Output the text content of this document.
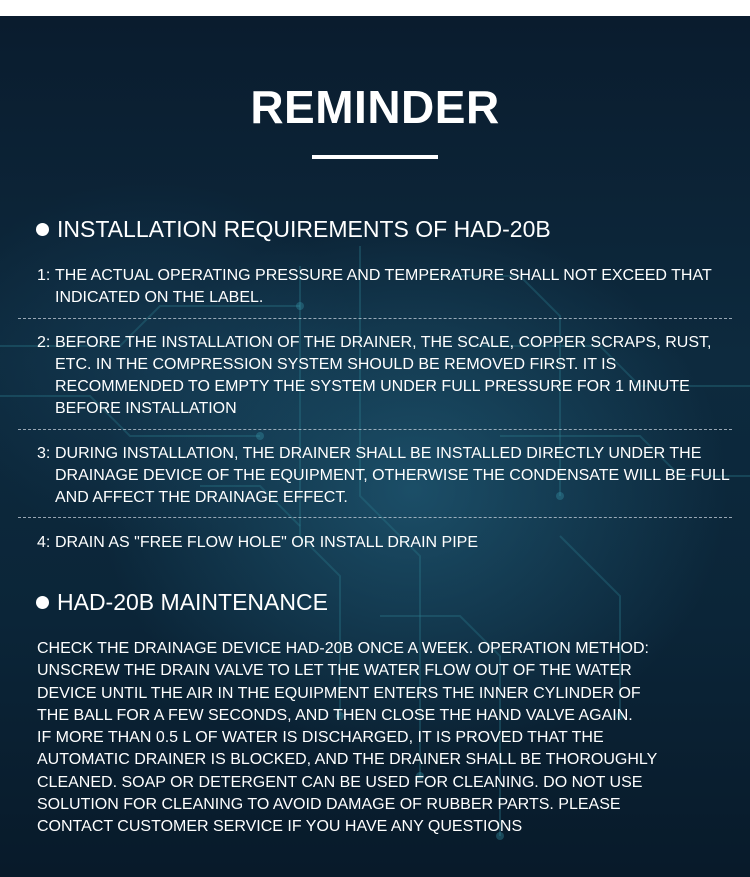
REMINDER
INSTALLATION REQUIREMENTS OF HAD-20B
1: THE ACTUAL OPERATING PRESSURE AND TEMPERATURE SHALL NOT EXCEED THAT INDICATED ON THE LABEL.
2: BEFORE THE INSTALLATION OF THE DRAINER, THE SCALE, COPPER SCRAPS, RUST, ETC. IN THE COMPRESSION SYSTEM SHOULD BE REMOVED FIRST. IT IS RECOMMENDED TO EMPTY THE SYSTEM UNDER FULL PRESSURE FOR 1 MINUTE BEFORE INSTALLATION
3: DURING INSTALLATION, THE DRAINER SHALL BE INSTALLED DIRECTLY UNDER THE DRAINAGE DEVICE OF THE EQUIPMENT, OTHERWISE THE CONDENSATE WILL BE FULL AND AFFECT THE DRAINAGE EFFECT.
4: DRAIN AS "FREE FLOW HOLE" OR INSTALL DRAIN PIPE
HAD-20B MAINTENANCE
CHECK THE DRAINAGE DEVICE HAD-20B ONCE A WEEK. OPERATION METHOD:
UNSCREW THE DRAIN VALVE TO LET THE WATER FLOW OUT OF THE WATER
DEVICE UNTIL THE AIR IN THE EQUIPMENT ENTERS THE INNER CYLINDER OF
THE BALL FOR A FEW SECONDS, AND THEN CLOSE THE HAND VALVE AGAIN.
IF MORE THAN 0.5 L OF WATER IS DISCHARGED, IT IS PROVED THAT THE
AUTOMATIC DRAINER IS BLOCKED, AND THE DRAINER SHALL BE THOROUGHLY
CLEANED. SOAP OR DETERGENT CAN BE USED FOR CLEANING. DO NOT USE
SOLUTION FOR CLEANING TO AVOID DAMAGE OF RUBBER PARTS. PLEASE
CONTACT CUSTOMER SERVICE IF YOU HAVE ANY QUESTIONS
